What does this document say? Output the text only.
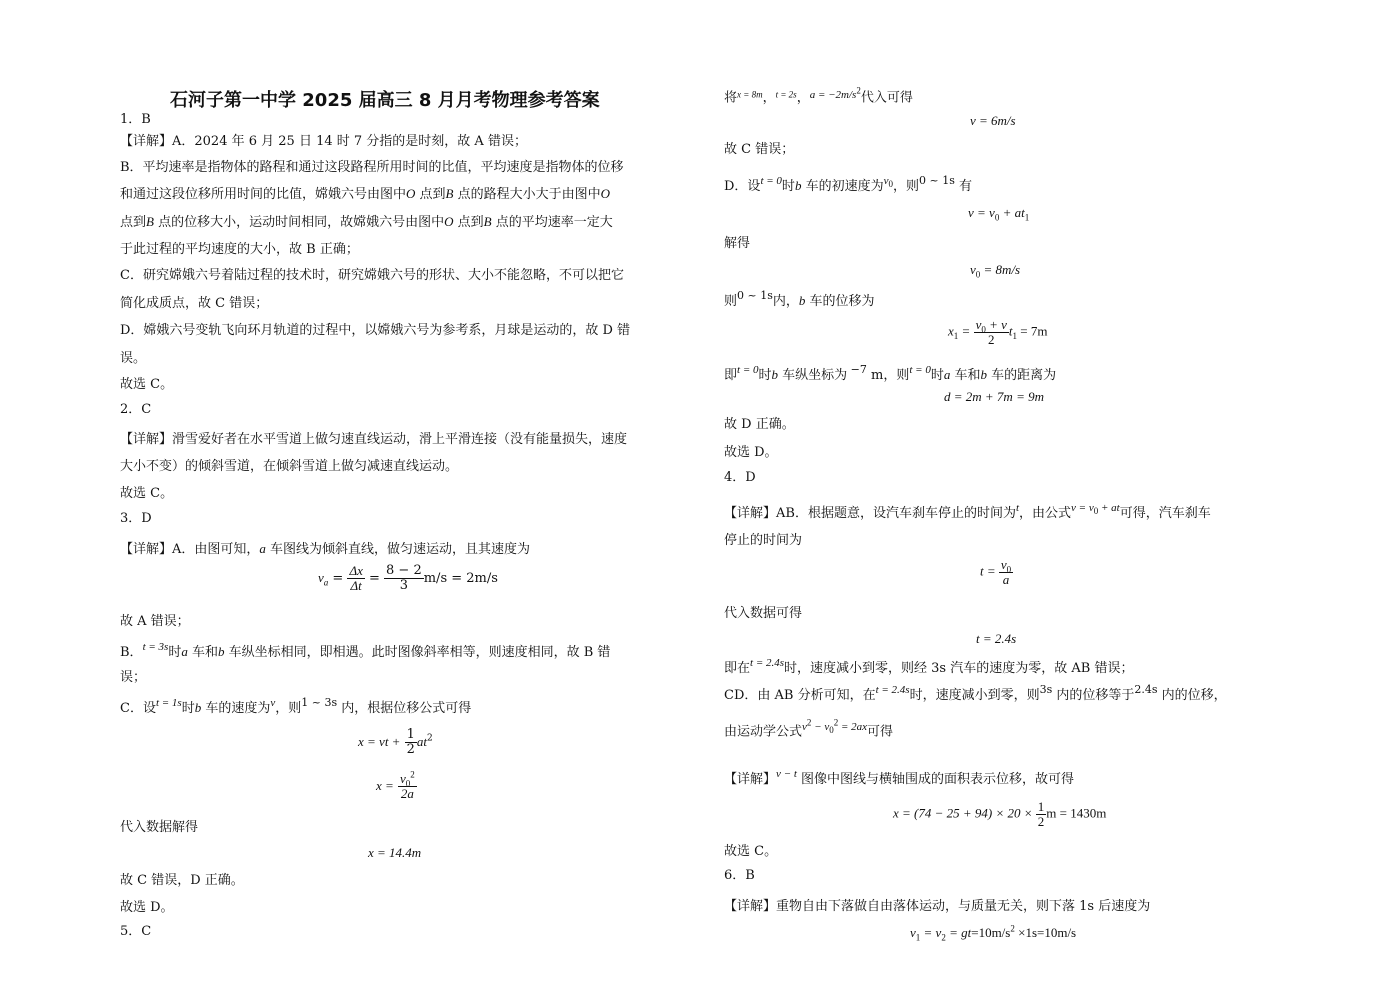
石河子第一中学 2025 届高三 8 月月考物理参考答案
1．B
【详解】A．2024 年 6 月 25 日 14 时 7 分指的是时刻，故 A 错误；
B．平均速率是指物体的路程和通过这段路程所用时间的比值，平均速度是指物体的位移
和通过这段位移所用时间的比值，嫦娥六号由图中O 点到B 点的路程大小大于由图中O
点到B 点的位移大小，运动时间相同，故嫦娥六号由图中O 点到B 点的平均速率一定大
于此过程的平均速度的大小，故 B 正确；
C．研究嫦娥六号着陆过程的技术时，研究嫦娥六号的形状、大小不能忽略，不可以把它
简化成质点，故 C 错误；
D．嫦娥六号变轨飞向环月轨道的过程中，以嫦娥六号为参考系，月球是运动的，故 D 错
误。
故选 C。
2．C
【详解】滑雪爱好者在水平雪道上做匀速直线运动，滑上平滑连接（没有能量损失，速度
大小不变）的倾斜雪道，在倾斜雪道上做匀减速直线运动。
故选 C。
3．D
【详解】A．由图可知，a 车图线为倾斜直线，做匀速运动，且其速度为
$v_a = \frac{\Delta x}{\Delta t} = \frac{8 - 2}{3} m/s = 2m/s$
故 A 错误；
B．$^{t = 3s}$时a 车和b 车纵坐标相同，即相遇。此时图像斜率相等，则速度相同，故 B 错
误；
C．设$^{t = 1s}$时b 车的速度为$^v$，则$^{1 \sim 3s}$ 内，根据位移公式可得
x = vt + $\frac{1}{2} at^2$
$x = \frac{v_0^2}{2a}$
代入数据解得
x = 14.4m
故 C 错误，D 正确。
故选 D。
5．C
将$^{x = 8m}$，$^{t = 2s}$，$^{a = -2m/s^2}$代入可得
v = 6m/s
故 C 错误；
D．设$^{t = 0}$时b 车的初速度为$^{v_0}$，则$^{0 \sim 1s}$ 有
$v = v_0 + at_1$
解得
$v_0 = 8m/s$
则$^{0 \sim 1s}$内，b 车的位移为
$x_1 = \frac{v_0 + v}{2} t_1 = 7m$
即$^{t = 0}$时b 车纵坐标为 $^{-7}$ m，则$^{t = 0}$时a 车和b 车的距离为
d = 2m + 7m = 9m
故 D 正确。
故选 D。
4．D
【详解】AB．根据题意，设汽车刹车停止的时间为$^t$，由公式$^{v = v_0 + at}$可得，汽车刹车
停止的时间为
$t = \frac{v_0}{a}$
代入数据可得
t = 2.4s
即在$^{t = 2.4s}$时，速度减小到零，则经 3s 汽车的速度为零，故 AB 错误；
CD．由 AB 分析可知，在$^{t = 2.4s}$时，速度减小到零，则$^{3s}$ 内的位移等于$^{2.4s}$ 内的位移，
由运动学公式$^{v^2 - v_0^2 = 2ax}$可得
【详解】$^{v - t}$ 图像中图线与横轴围成的面积表示位移，故可得
$x = (74 - 25 + 94) \times 20 \times \frac{1}{2}$ m = 1430m
故选 C。
6．B
【详解】重物自由下落做自由落体运动，与质量无关，则下落 1s 后速度为
$v_1 = v_2 = gt=10m/s^2 \times 1s=10m/s$
